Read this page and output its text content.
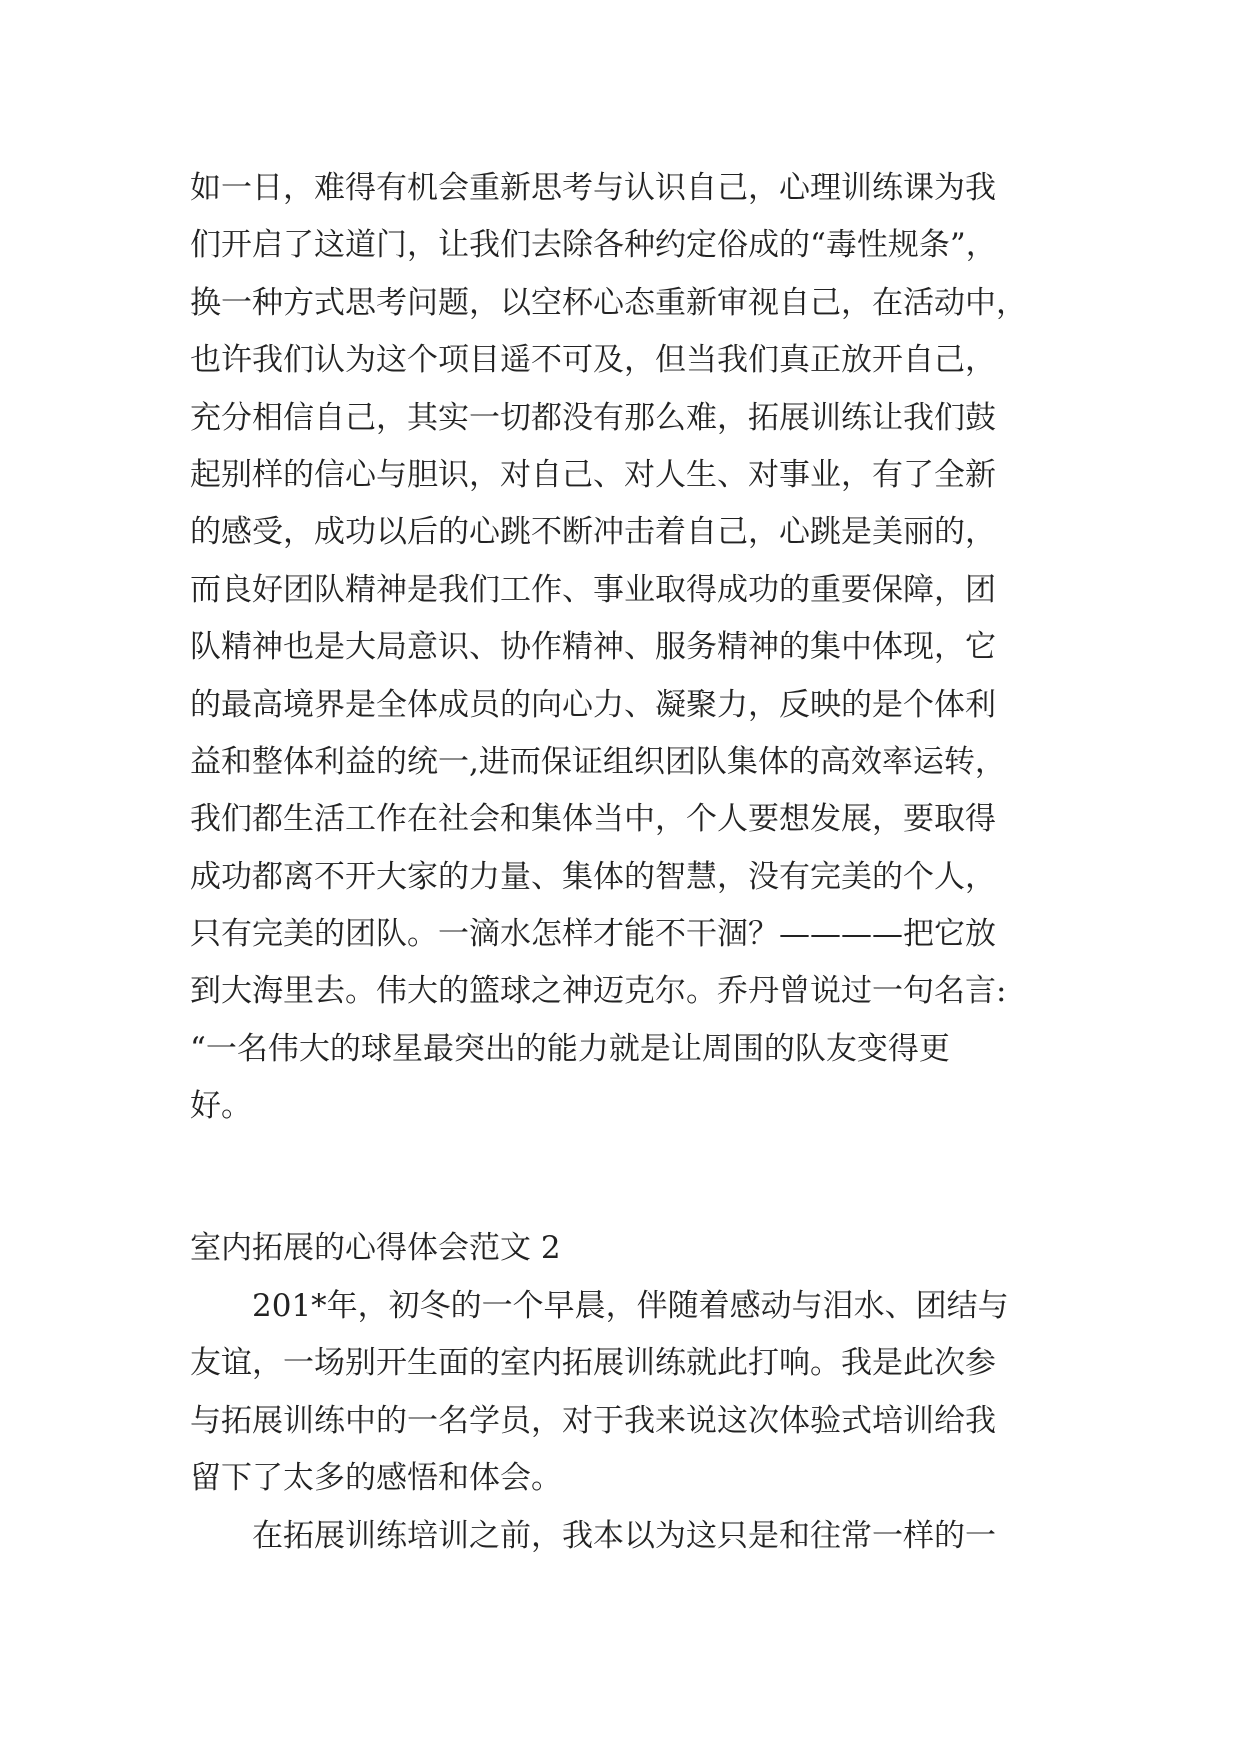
如一日，难得有机会重新思考与认识自己，心理训练课为我
们开启了这道门，让我们去除各种约定俗成的“毒性规条”，
换一种方式思考问题，以空杯心态重新审视自己，在活动中，
也许我们认为这个项目遥不可及，但当我们真正放开自己，
充分相信自己，其实一切都没有那么难，拓展训练让我们鼓
起别样的信心与胆识，对自己、对人生、对事业，有了全新
的感受，成功以后的心跳不断冲击着自己，心跳是美丽的，
而良好团队精神是我们工作、事业取得成功的重要保障，团
队精神也是大局意识、协作精神、服务精神的集中体现，它
的最高境界是全体成员的向心力、凝聚力，反映的是个体利
益和整体利益的统一,进而保证组织团队集体的高效率运转，
我们都生活工作在社会和集体当中，个人要想发展，要取得
成功都离不开大家的力量、集体的智慧，没有完美的个人，
只有完美的团队。一滴水怎样才能不干涸？————把它放
到大海里去。伟大的篮球之神迈克尔。乔丹曾说过一句名言:
“一名伟大的球星最突出的能力就是让周围的队友变得更
好。
室内拓展的心得体会范文 2
201*年，初冬的一个早晨，伴随着感动与泪水、团结与
友谊，一场别开生面的室内拓展训练就此打响。我是此次参
与拓展训练中的一名学员，对于我来说这次体验式培训给我
留下了太多的感悟和体会。
在拓展训练培训之前，我本以为这只是和往常一样的一
